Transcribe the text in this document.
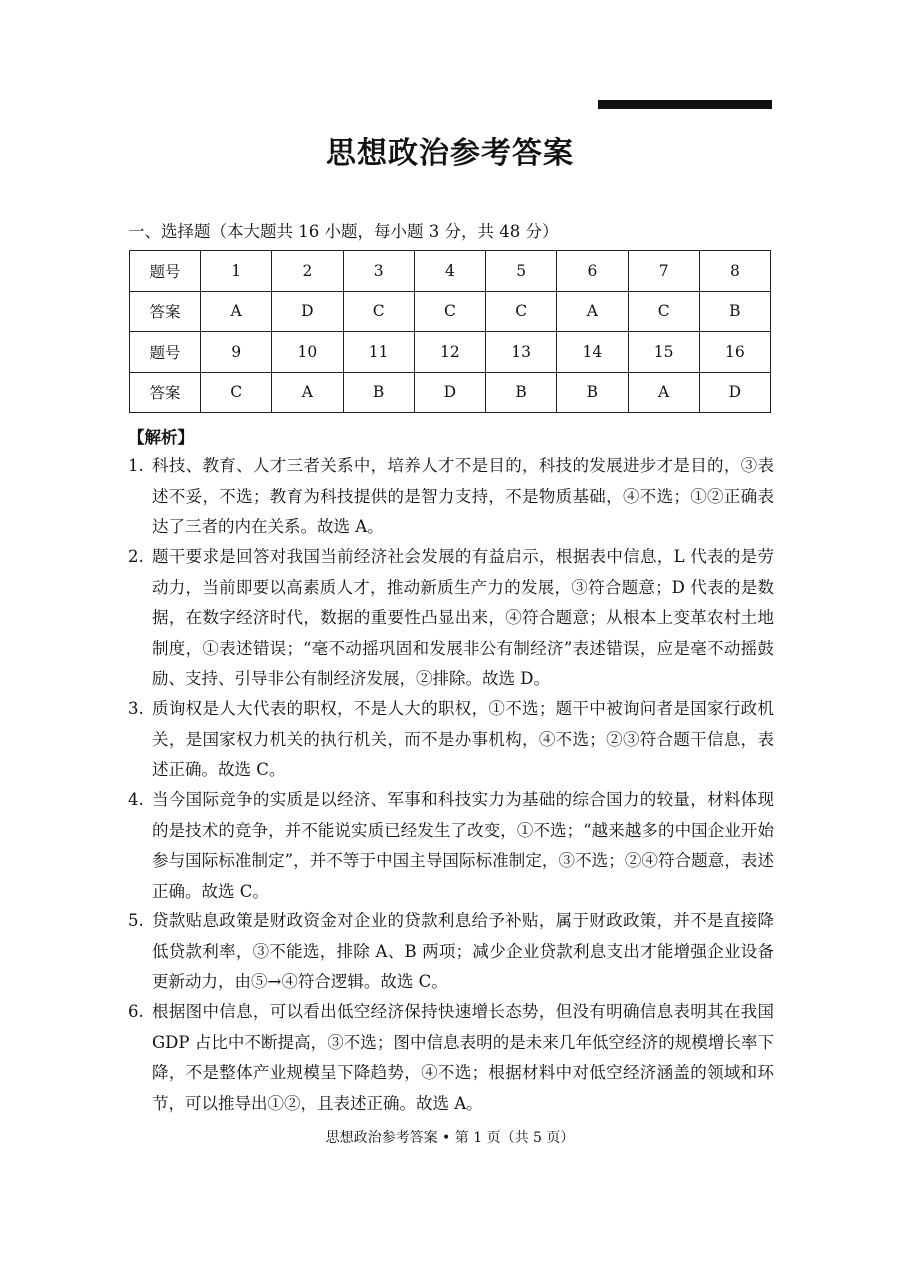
思想政治参考答案
一、选择题（本大题共 16 小题，每小题 3 分，共 48 分）
题号	1	2	3	4	5	6	7	8
答案	A	D	C	C	C	A	C	B
题号	9	10	11	12	13	14	15	16
答案	C	A	B	D	B	B	A	D
【解析】
1. 科技、教育、人才三者关系中，培养人才不是目的，科技的发展进步才是目的，③表述不妥，不选；教育为科技提供的是智力支持，不是物质基础，④不选；①②正确表达了三者的内在关系。故选 A。
2. 题干要求是回答对我国当前经济社会发展的有益启示，根据表中信息，L 代表的是劳动力，当前即要以高素质人才，推动新质生产力的发展，③符合题意；D 代表的是数据，在数字经济时代，数据的重要性凸显出来，④符合题意；从根本上变革农村土地制度，①表述错误；“毫不动摇巩固和发展非公有制经济”表述错误，应是毫不动摇鼓励、支持、引导非公有制经济发展，②排除。故选 D。
3. 质询权是人大代表的职权，不是人大的职权，①不选；题干中被询问者是国家行政机关，是国家权力机关的执行机关，而不是办事机构，④不选；②③符合题干信息，表述正确。故选 C。
4. 当今国际竞争的实质是以经济、军事和科技实力为基础的综合国力的较量，材料体现的是技术的竞争，并不能说实质已经发生了改变，①不选；“越来越多的中国企业开始参与国际标准制定”，并不等于中国主导国际标准制定，③不选；②④符合题意，表述正确。故选 C。
5. 贷款贴息政策是财政资金对企业的贷款利息给予补贴，属于财政政策，并不是直接降低贷款利率，③不能选，排除 A、B 两项；减少企业贷款利息支出才能增强企业设备更新动力，由⑤→④符合逻辑。故选 C。
6. 根据图中信息，可以看出低空经济保持快速增长态势，但没有明确信息表明其在我国 GDP 占比中不断提高，③不选；图中信息表明的是未来几年低空经济的规模增长率下降，不是整体产业规模呈下降趋势，④不选；根据材料中对低空经济涵盖的领域和环节，可以推导出①②，且表述正确。故选 A。
思想政治参考答案 • 第 1 页（共 5 页）
